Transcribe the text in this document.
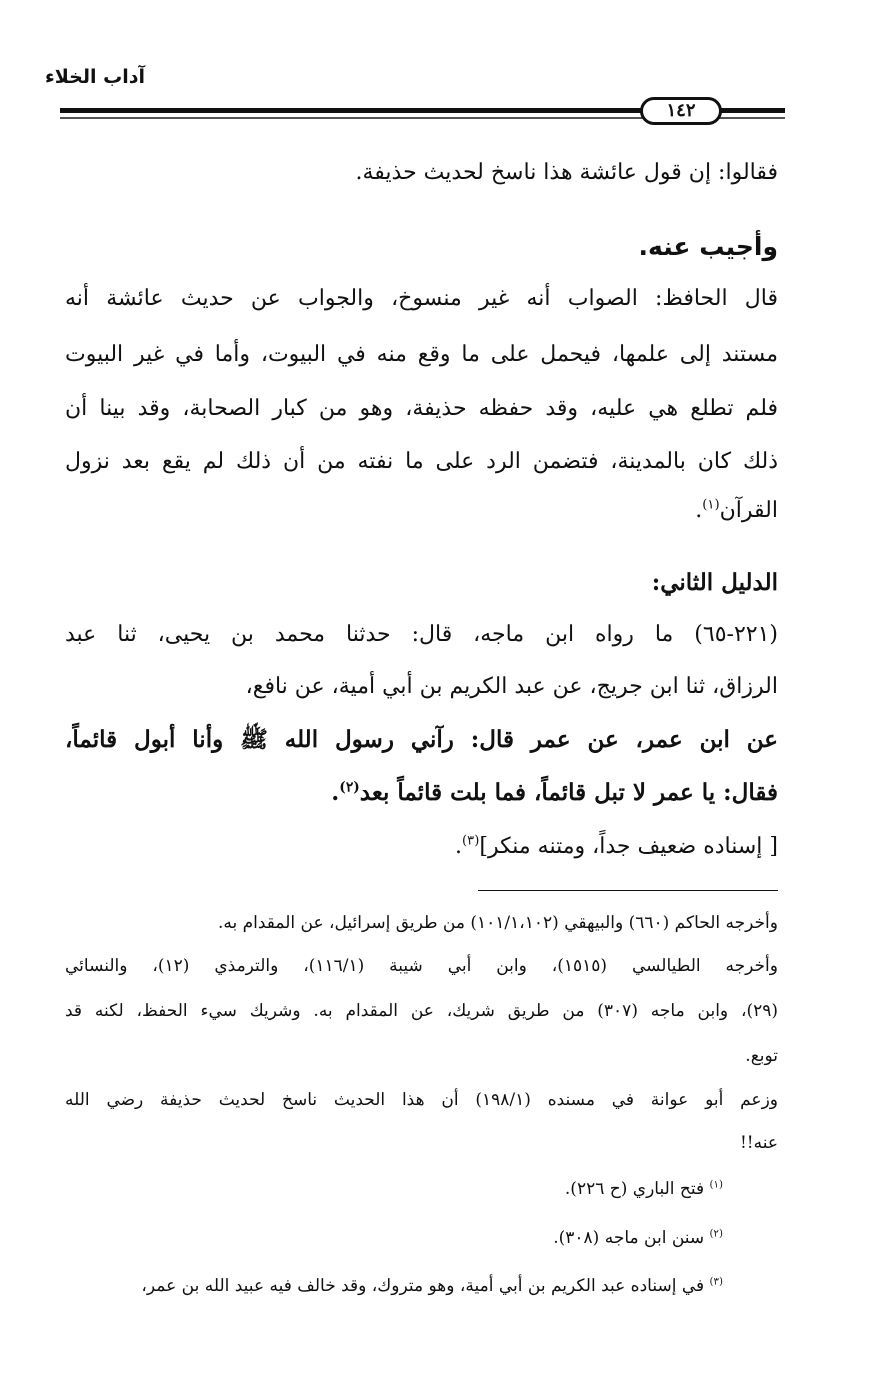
آداب الخلاء
١٤٢
فقالوا: إن قول عائشة هذا ناسخ لحديث حذيفة.
وأجيب عنه.
قال الحافظ: الصواب أنه غير منسوخ، والجواب عن حديث عائشة أنه
مستند إلى علمها، فيحمل على ما وقع منه في البيوت، وأما في غير البيوت
فلم تطلع هي عليه، وقد حفظه حذيفة، وهو من كبار الصحابة، وقد بينا أن
ذلك كان بالمدينة، فتضمن الرد على ما نفته من أن ذلك لم يقع بعد نزول
القرآن$^{(١)}$.
الدليل الثاني:
(٢٢١-٦٥) ما رواه ابن ماجه، قال: حدثنا محمد بن يحيى، ثنا عبد
الرزاق، ثنا ابن جريج، عن عبد الكريم بن أبي أمية، عن نافع،
عن ابن عمر، عن عمر قال: رآني رسول الله ﷺ وأنا أبول قائماً،
فقال: يا عمر لا تبل قائماً، فما بلت قائماً بعد$^{(٢)}$.
[ إسناده ضعيف جداً، ومتنه منكر]$^{(٣)}$.
وأخرجه الحاكم (٦٦٠) والبيهقي (١٠١/١،١٠٢) من طريق إسرائيل، عن المقدام به.
وأخرجه الطيالسي (١٥١٥)، وابن أبي شيبة (١١٦/١)، والترمذي (١٢)، والنسائي
(٢٩)، وابن ماجه (٣٠٧) من طريق شريك، عن المقدام به. وشريك سيء الحفظ، لكنه قد
توبع.
وزعم أبو عوانة في مسنده (١٩٨/١) أن هذا الحديث ناسخ لحديث حذيفة رضي الله
عنه!!
$^{(١)}$ فتح الباري (ح ٢٢٦).
$^{(٢)}$ سنن ابن ماجه (٣٠٨).
$^{(٣)}$ في إسناده عبد الكريم بن أبي أمية، وهو متروك، وقد خالف فيه عبيد الله بن عمر،
